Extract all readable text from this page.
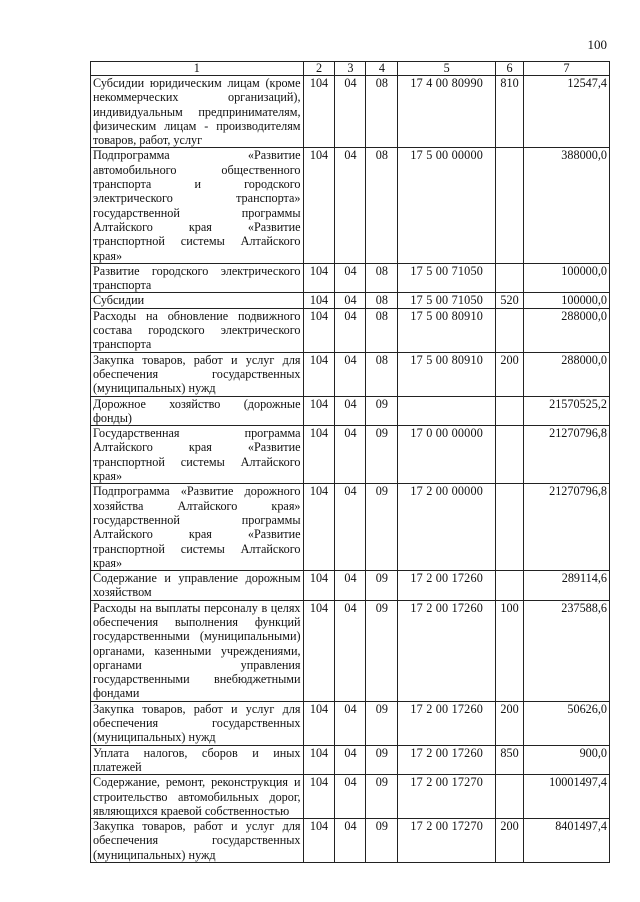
100
1	2	3	4	5	6	7
Субсидии юридическим лицам (кроме некоммерческих организаций), индивидуальным предпринимателям, физическим лицам - производителям товаров, работ, услуг	104	04	08	17 4 00 80990	810	12547,4
Подпрограмма «Развитие автомобильного общественного транспорта и городского электрического транспорта» государственной программы Алтайского края «Развитие транспортной системы Алтайского края»	104	04	08	17 5 00 00000		388000,0
Развитие городского электрического транспорта	104	04	08	17 5 00 71050		100000,0
Субсидии	104	04	08	17 5 00 71050	520	100000,0
Расходы на обновление подвижного состава городского электрического транспорта	104	04	08	17 5 00 80910		288000,0
Закупка товаров, работ и услуг для обеспечения государственных (муниципальных) нужд	104	04	08	17 5 00 80910	200	288000,0
Дорожное хозяйство (дорожные фонды)	104	04	09			21570525,2
Государственная программа Алтайского края «Развитие транспортной системы Алтайского края»	104	04	09	17 0 00 00000		21270796,8
Подпрограмма «Развитие дорожного хозяйства Алтайского края» государственной программы Алтайского края «Развитие транспортной системы Алтайского края»	104	04	09	17 2 00 00000		21270796,8
Содержание и управление дорожным хозяйством	104	04	09	17 2 00 17260		289114,6
Расходы на выплаты персоналу в целях обеспечения выполнения функций государственными (муниципальными) органами, казенными учреждениями, органами управления государственными внебюджетными фондами	104	04	09	17 2 00 17260	100	237588,6
Закупка товаров, работ и услуг для обеспечения государственных (муниципальных) нужд	104	04	09	17 2 00 17260	200	50626,0
Уплата налогов, сборов и иных платежей	104	04	09	17 2 00 17260	850	900,0
Содержание, ремонт, реконструкция и строительство автомобильных дорог, являющихся краевой собственностью	104	04	09	17 2 00 17270		10001497,4
Закупка товаров, работ и услуг для обеспечения государственных (муниципальных) нужд	104	04	09	17 2 00 17270	200	8401497,4
